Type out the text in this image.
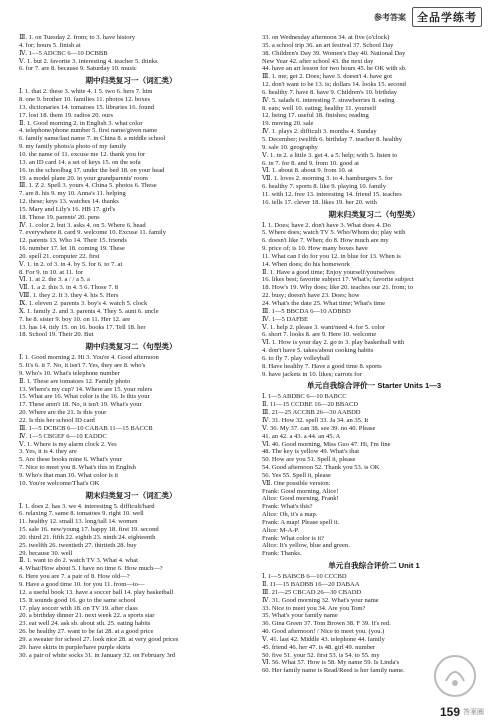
参考答案	全品学练考
Ⅲ. 1. on Tuesday 2. from; to 3. have history
4. for; hours 5. finish at
Ⅳ. 1—5 ADCBC 6—10 DCBBB
Ⅴ. 1. but 2. favorite 3. interesting 4. teacher 5. thinks
6. for 7. are 8. because 9. Saturday 10. music
期中归类复习一（词汇类）
Ⅰ. 1. that 2. these 3. white 4. 1 5. two 6. hers 7. him
8. one 9. brother 10. families 11. photos 12. boxes
13. dictionaries 14. tomatoes 15. libraries 16. found
17. lost 18. them 19. radios 20. ours
Ⅱ. 1. Good morning 2. in English 3. what color
4. telephone/phone number 5. first name/given name
6. family name/last name 7. in China 8. a middle school
9. my family photo/a photo of my family
10. the name of 11. excuse me 12. thank you for
13. an ID card 14. a set of keys 15. on the sofa
16. in the schoolbag 17. under the bed 18. on your head
19. a model plane 20. in your grandparents' room
Ⅲ. 1. Z 2. Spell 3. yours 4. China 5. photos 6. These
7. are 8. his 9. my 10. Anna's 11. helping
12. these; keys 13. watches 14. thanks
15. Mary and Lily's 16. HB 17. girl's
18. Those 19. parents' 20. pens
Ⅳ. 1. color 2. but 3. asks 4. on 5. Where 6. head
7. everywhere 8. card 9. welcome 10. Excuse 11. family
12. parents 13. Who 14. Their 15. friends
16. number 17. let 18. coming 19. These
20. spell 21. computer 22. first
Ⅴ. 1. in 2. of 3. in 4. by 5. for 6. to 7. at
8. For 9. in 10. at 11. for
Ⅵ. 1. at 2. the 3. a / / a 5. a
Ⅶ. 1. a 2. this 3. in 4. 5 6. Those 7. 8
Ⅷ. 1. they 2. It 3. they 4. his 5. Hers
Ⅸ. 1. eleven 2. parents 3. boy's 4. watch 5. clock
Ⅹ. 1. family 2. and 3. parents 4. They 5. aunt 6. uncle
7. he 8. sister 9. boy 10. on 11. Her 12. are
13. has 14. tidy 15. on 16. books 17. Tell 18. her
18. School 19. Their 20. But
期中归类复习二（句型类）
Ⅰ. 1. Good morning 2. Hi 3. You're 4. Good afternoon
5. It's 6. it 7. No, it isn't 7. Yes, they are 8. who's
9. Who's 10. What's telephone number
Ⅱ. 1. These are tomatoes 12. Family photo
13. Where's my cup? 14. Where are 15. your rulers
15. What are 16. What color is the 16. Is this your
17. These aren't 18. No, it isn't 19. What's your
20. Where are the 21. Is this your
22. Is this her school ID card
Ⅲ. 1—5 DCBCB 6—10 CABAB 11—15 BACCB
Ⅳ. 1—5 CBGEF 6—10 EADDC
Ⅴ. 1. Where is my alarm clock 2. Yes
3. Yes, it is 4. they are
5. Are these books mine 6. What's your
7. Nice to meet you 8. What's this in English
9. Who's that man 10. What color is it
10. You're welcome/That's OK
期末归类复习一（词汇类）
Ⅰ. 1. does 2. has 3. we 4. interesting 5. difficult/hard
6. relaxing 7. same 8. tomatoes 9. right 10. well
11. healthy 12. small 13. long/tall 14. women
15. sale 16. new/young 17. happy 18. first 19. second
20. third 21. fifth 22. eighth 23. ninth 24. eighteenth
25. twelfth 26. twentieth 27. thirtieth 28. buy
29. because 30. well
Ⅱ. 1. want to do 2. watch TV 3. What 4. what
4. What/How about 5. I have no time 6. How much—?
6. Here you are 7. a pair of 8. How old—?
9. Have a good time 10. for you 11. from—to—
12. a useful book 13. have a soccer ball 14. play basketball
15. It sounds good 16. go to the same school
17. play soccer with 18. on TV 19. after class
20. a birthday dinner 21. next week 22. a sports star
23. eat well 24. ask sb. about sth. 25. eating habits
26. be healthy 27. want to be fat 28. at a good price
29. a sweater for school 27. look nice 28. at very good prices
29. have skirts in purple/have purple skirts
30. a pair of white socks 31. in January 32. on February 3rd
33. on Wednesday afternoon 34. at five (o'clock)
35. a school trip 36. an art festival 37. School Day
38. Children's Day 39. Women's Day 40. National Day
New Year 42. after school 43. the next day
44. have an art lesson for two hours 45. be OK with sb.
Ⅲ. 1. me; get 2. Does; have 3. doesn't 4. have got
12. don't want to be 13. is; dollars 14. looks 15. second
6. healthy 7. have 8. have 9. Children's 10. birthday
Ⅳ. 5. salads 6. interesting 7. strawberries 8. eating
8. eats; well 10. eating; healthy 11. yourself
12. being 17. useful 18. finishes; reading
19. moving 20. sale
Ⅳ. 1. plays 2. difficult 3. months 4. Sunday
5. December; twelfth 6. birthday 7. teacher 8. healthy
9. sale 10. geography
Ⅴ. 1. in 2. a little 3. get 4. a 5. help; with 5. listen to
6. in 7. for 8. and 9. from 10. good at
Ⅵ. 1. about 8. about 9. from 10. at
Ⅶ. 1. loves 2. morning 3. to 4. hamburgers 5. for
6. healthy 7. sports 8. like 9. playing 10. family
11. with 12. free 13. interesting 14. friend 15. teaches
16. tells 17. clever 18. likes 19. her 20. with
期末归类复习二（句型类）
Ⅰ. 1. Does; have 2. don't have 3. What does 4. Do
5. Where does; watch TV 5. Who/Whom do; play with
6. doesn't like 7. When; do 8. How much are my
9. price of; is 10. How many boxes have
11. What can I do for you 12. in blue for 13. When is
14. When does; do his homework
Ⅱ. 1. Have a good time; Enjoy yourself/yourselves
16. likes best; favorite subject 17. What's; favorite subject
18. How's 19. Why does; like 20. teaches our 21. from; to
22. busy; doesn't have 23. Does; how
24. What's the date 25. What time; What's time
Ⅲ. 1—5 BBCDA 6—10 ADBBD
Ⅳ. 1—5 DAFBE
Ⅴ. 1. help 2. please 3. want/need 4. for 5. color
6. short 7. looks 8. are 9. Here 10. welcome
Ⅵ. 1. How is your day 2. go to 3. play basketball with
4. don't have 5. takes/about cooking habits
6. to fly 7. play volleyball
8. Have healthy 7. Have a good time 8. sports
9. have jackets in 10. likes; carrots for
单元自我综合评价一 Starter Units 1—3
Ⅰ. 1—5 ABDBC 6—10 BABCC
Ⅱ. 11—15 CCDBE 16—20 BBACD
Ⅲ. 21—25 ACCBB 26—30 AABDD
Ⅳ. 31. How 32. spell 33. Ja 34. an 35. It
Ⅴ. 36. My 37. can 38. see 39. no 40. Please
41. an 42. a 43. a 44. an 45. A
Ⅵ. 46. Good morning, Miss Guo 47. Hi, I'm fine
48. The key is yellow 49. What's that
50. How are you 51. Spell it, please
54. Good afternoon 52. Thank you 53. is OK
56. Yes 55. Spell it, please
Ⅶ. One possible version:
Frank: Good morning, Alice!
Alice: Good morning, Frank!
Frank: What's this?
Alice: Oh, it's a map.
Frank: A map! Please spell it.
Alice: M-A-P.
Frank: What color is it?
Alice: It's yellow, blue and green.
Frank: Thanks.
单元自我综合评价二 Unit 1
Ⅰ. 1—5 BABCB 6—10 CCCBD
Ⅱ. 11—15 BADBB 16—20 DABAA
Ⅲ. 21—25 CBCAD 26—30 CBADD
Ⅳ. 31. Good morning 32. What's your name
33. Nice to meet you 34. Are you Tom?
35. What's your family name
36. Gina Green 37. Tom Brown 38. F 39. It's red.
40. Good afternoon! / Nice to meet you. (you.)
Ⅴ. 41. last 42. Middle 43. telephone 44. family
45. friend 46. her 47. is 48. girl 49. number
50. five 51. your 52. first 53. is 54. to 55. my
Ⅵ. 56. What 57. How is 58. My name 59. Is Linda's
60. Her family name is Read/Reed is her family name.
159 答案圈
